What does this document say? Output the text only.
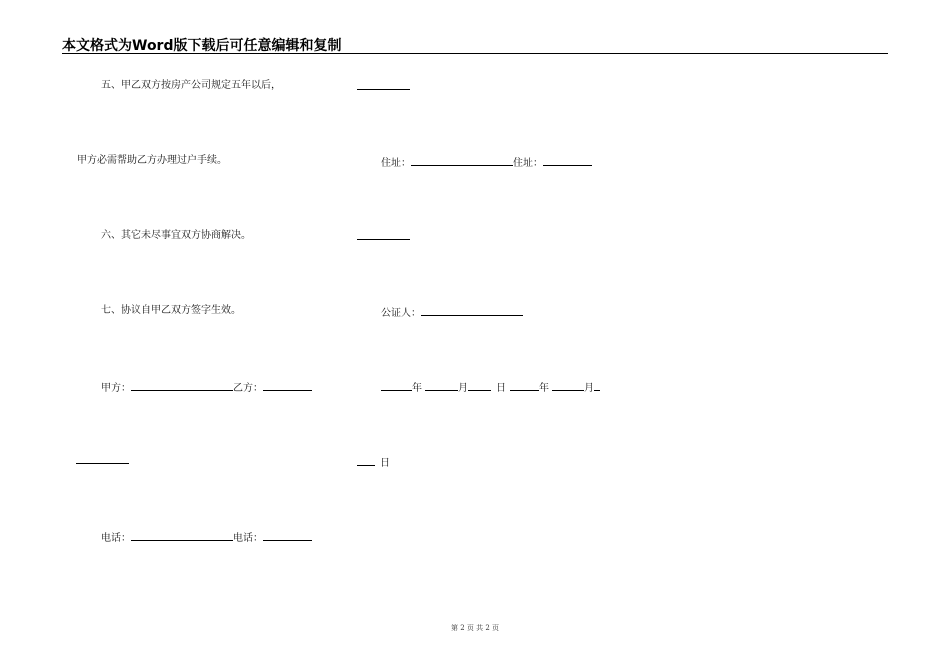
本文格式为Word版下载后可任意编辑和复制
五、甲乙双方按房产公司规定五年以后，
甲方必需帮助乙方办理过户手续。
六、其它未尽事宜双方协商解决。
七、协议自甲乙双方签字生效。
甲方：	乙方：
电话：	电话：
住址：	住址：
公证人：
年	月	日	年	月
日
第 2 页 共 2 页
